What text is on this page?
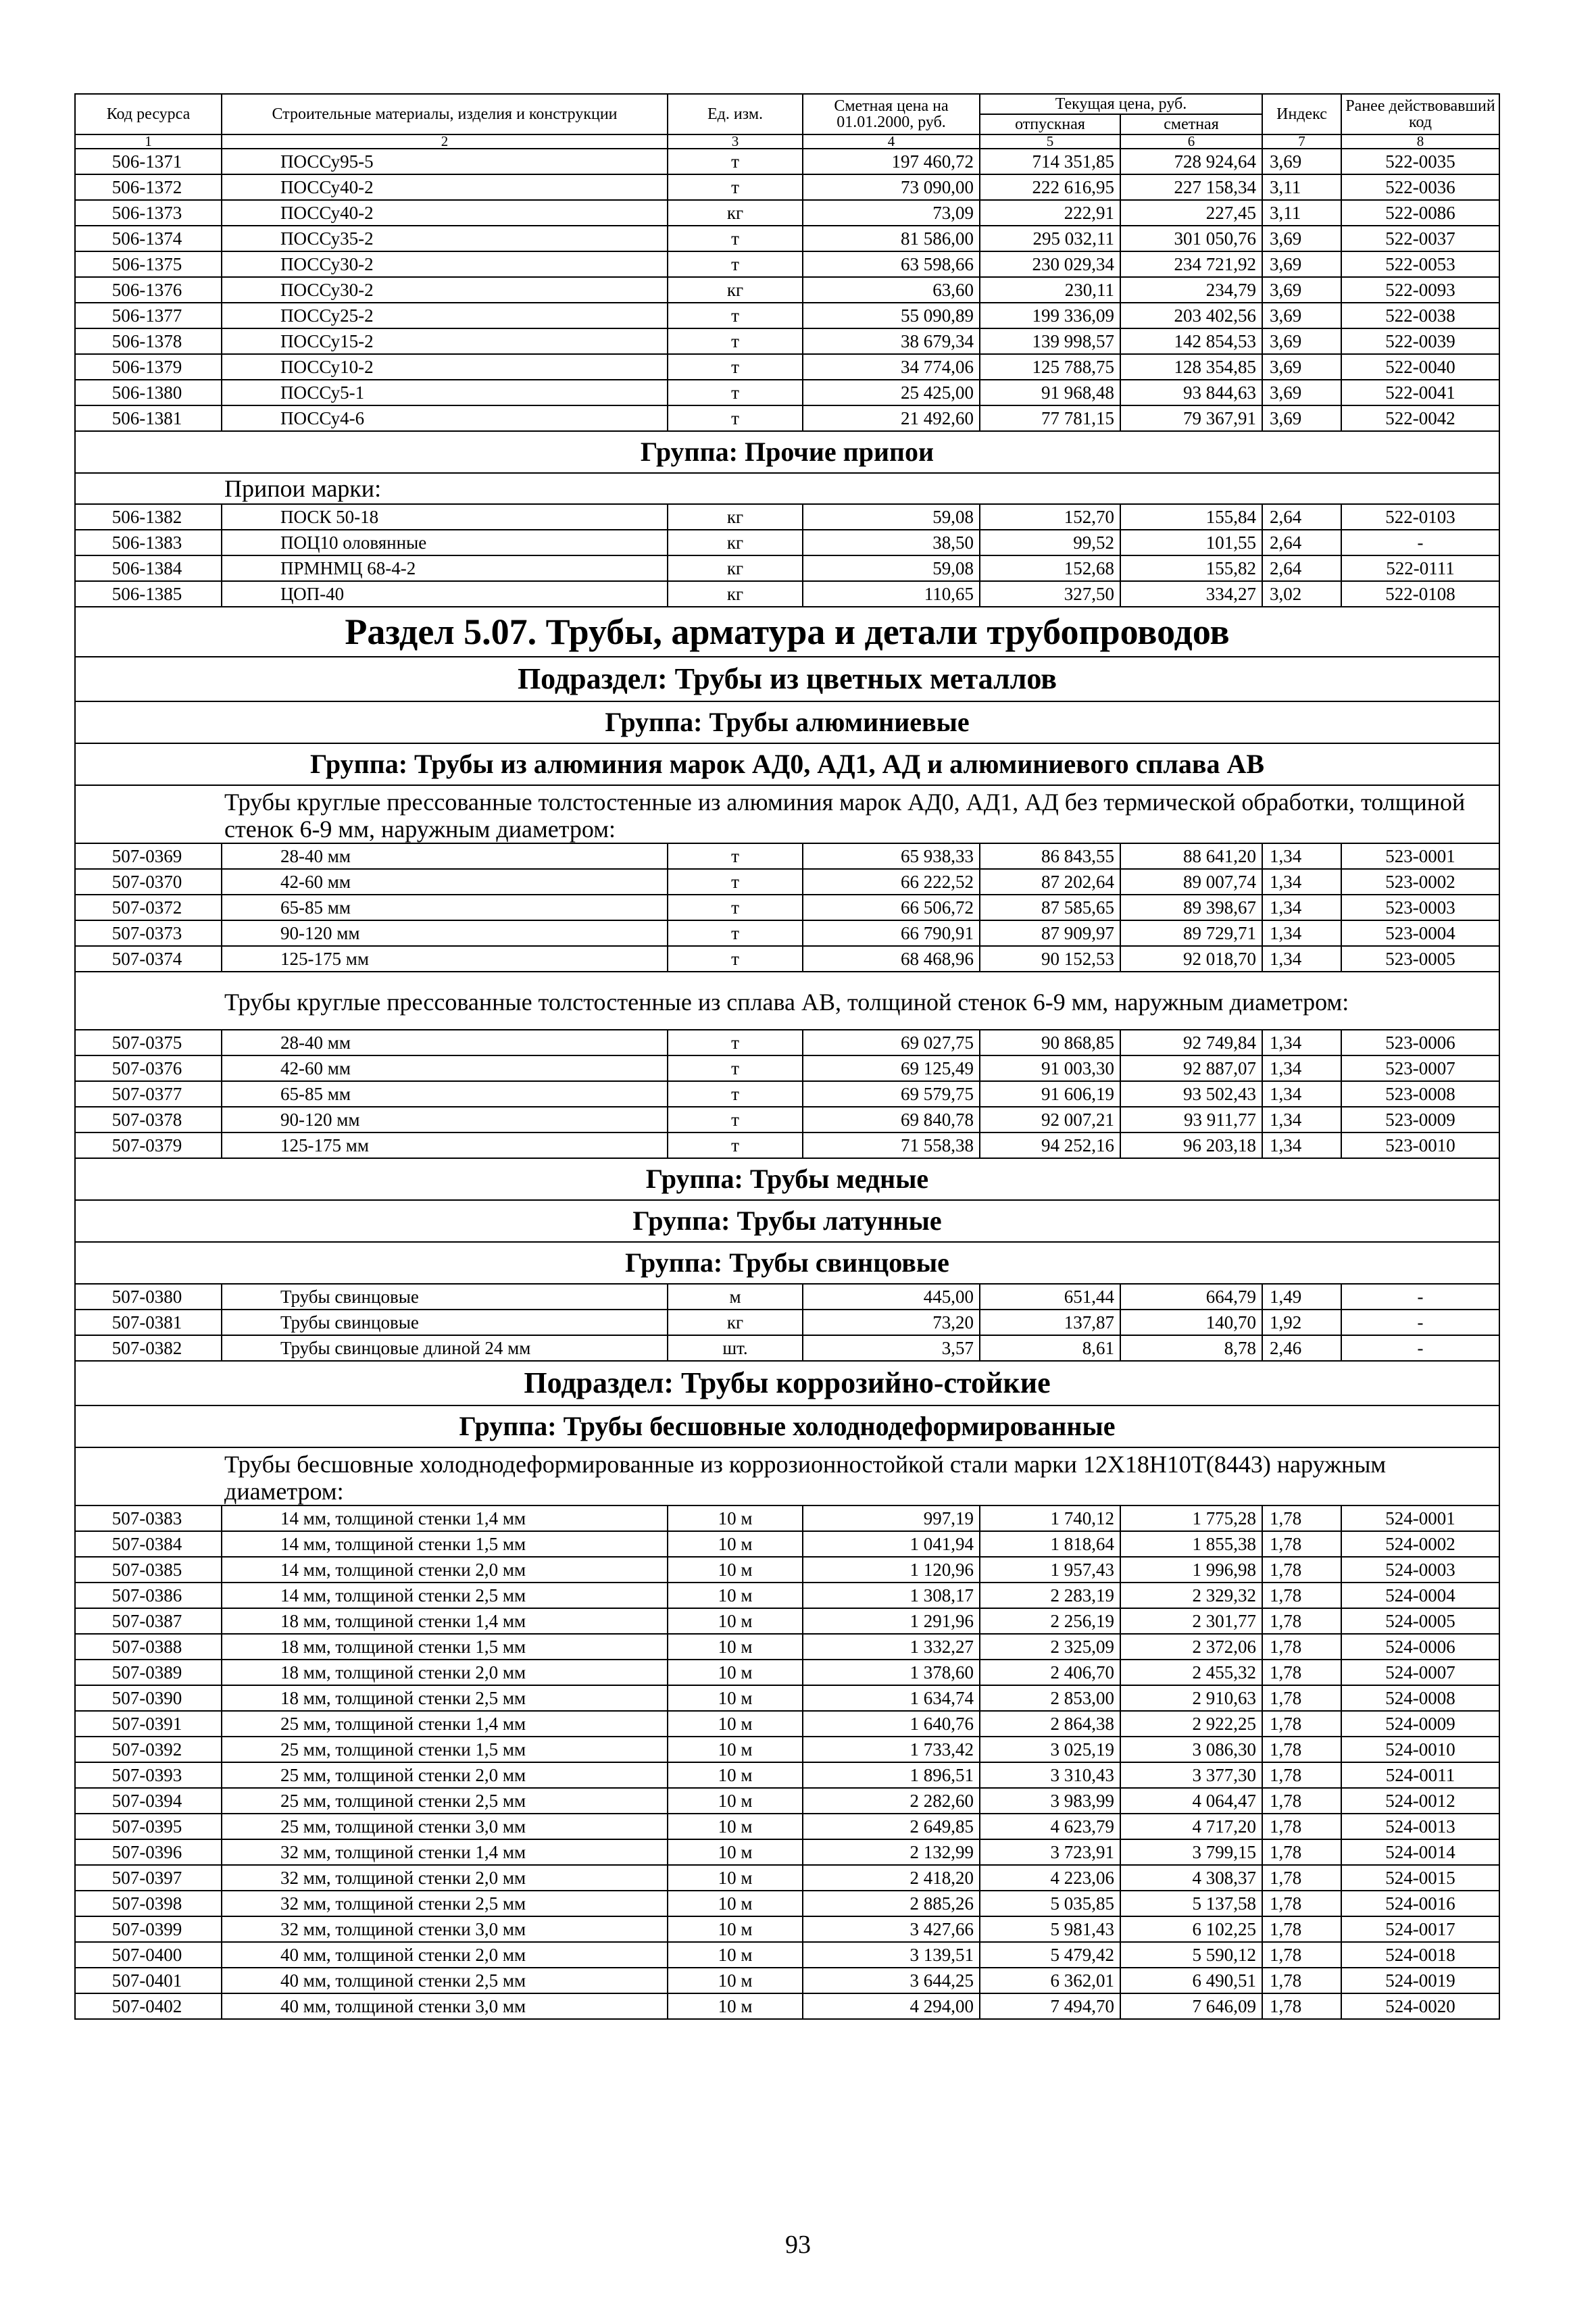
Код ресурса	Строительные материалы, изделия и конструкции	Ед. изм.	Сметная цена на 01.01.2000, руб.	Текущая цена, руб.		Индекс	Ранее действовавший код
				отпускная	сметная		
1	2	3	4	5	6	7	8
506-1371	ПОССу95-5	т	197 460,72	714 351,85	728 924,64	3,69	522-0035
506-1372	ПОССу40-2	т	73 090,00	222 616,95	227 158,34	3,11	522-0036
506-1373	ПОССу40-2	кг	73,09	222,91	227,45	3,11	522-0086
506-1374	ПОССу35-2	т	81 586,00	295 032,11	301 050,76	3,69	522-0037
506-1375	ПОССу30-2	т	63 598,66	230 029,34	234 721,92	3,69	522-0053
506-1376	ПОССу30-2	кг	63,60	230,11	234,79	3,69	522-0093
506-1377	ПОССу25-2	т	55 090,89	199 336,09	203 402,56	3,69	522-0038
506-1378	ПОССу15-2	т	38 679,34	139 998,57	142 854,53	3,69	522-0039
506-1379	ПОССу10-2	т	34 774,06	125 788,75	128 354,85	3,69	522-0040
506-1380	ПОССу5-1	т	25 425,00	91 968,48	93 844,63	3,69	522-0041
506-1381	ПОССу4-6	т	21 492,60	77 781,15	79 367,91	3,69	522-0042
Группа: Прочие припои							
Припои марки:							
506-1382	ПОСК 50-18	кг	59,08	152,70	155,84	2,64	522-0103
506-1383	ПОЦ10 оловянные	кг	38,50	99,52	101,55	2,64	-
506-1384	ПРМНМЦ 68-4-2	кг	59,08	152,68	155,82	2,64	522-0111
506-1385	ЦОП-40	кг	110,65	327,50	334,27	3,02	522-0108
Раздел 5.07. Трубы, арматура и детали трубопроводов							
Подраздел: Трубы из цветных металлов							
Группа: Трубы алюминиевые							
Группа: Трубы из алюминия марок АД0, АД1, АД и алюминиевого сплава АВ							
Трубы круглые прессованные толстостенные из алюминия марок АД0, АД1, АД без термической обработки, толщиной стенок 6-9 мм, наружным диаметром:							
507-0369	28-40 мм	т	65 938,33	86 843,55	88 641,20	1,34	523-0001
507-0370	42-60 мм	т	66 222,52	87 202,64	89 007,74	1,34	523-0002
507-0372	65-85 мм	т	66 506,72	87 585,65	89 398,67	1,34	523-0003
507-0373	90-120 мм	т	66 790,91	87 909,97	89 729,71	1,34	523-0004
507-0374	125-175 мм	т	68 468,96	90 152,53	92 018,70	1,34	523-0005
Трубы круглые прессованные толстостенные из сплава АВ, толщиной стенок 6-9 мм, наружным диаметром:							
507-0375	28-40 мм	т	69 027,75	90 868,85	92 749,84	1,34	523-0006
507-0376	42-60 мм	т	69 125,49	91 003,30	92 887,07	1,34	523-0007
507-0377	65-85 мм	т	69 579,75	91 606,19	93 502,43	1,34	523-0008
507-0378	90-120 мм	т	69 840,78	92 007,21	93 911,77	1,34	523-0009
507-0379	125-175 мм	т	71 558,38	94 252,16	96 203,18	1,34	523-0010
Группа: Трубы медные							
Группа: Трубы латунные							
Группа: Трубы свинцовые							
507-0380	Трубы свинцовые	м	445,00	651,44	664,79	1,49	-
507-0381	Трубы свинцовые	кг	73,20	137,87	140,70	1,92	-
507-0382	Трубы свинцовые длиной 24 мм	шт.	3,57	8,61	8,78	2,46	-
Подраздел: Трубы коррозийно-стойкие							
Группа: Трубы бесшовные холоднодеформированные							
Трубы бесшовные холоднодеформированные из коррозионностойкой стали марки 12Х18Н10Т(8443) наружным диаметром:							
507-0383	14 мм, толщиной стенки 1,4 мм	10 м	997,19	1 740,12	1 775,28	1,78	524-0001
507-0384	14 мм, толщиной стенки 1,5 мм	10 м	1 041,94	1 818,64	1 855,38	1,78	524-0002
507-0385	14 мм, толщиной стенки 2,0 мм	10 м	1 120,96	1 957,43	1 996,98	1,78	524-0003
507-0386	14 мм, толщиной стенки 2,5 мм	10 м	1 308,17	2 283,19	2 329,32	1,78	524-0004
507-0387	18 мм, толщиной стенки 1,4 мм	10 м	1 291,96	2 256,19	2 301,77	1,78	524-0005
507-0388	18 мм, толщиной стенки 1,5 мм	10 м	1 332,27	2 325,09	2 372,06	1,78	524-0006
507-0389	18 мм, толщиной стенки 2,0 мм	10 м	1 378,60	2 406,70	2 455,32	1,78	524-0007
507-0390	18 мм, толщиной стенки 2,5 мм	10 м	1 634,74	2 853,00	2 910,63	1,78	524-0008
507-0391	25 мм, толщиной стенки 1,4 мм	10 м	1 640,76	2 864,38	2 922,25	1,78	524-0009
507-0392	25 мм, толщиной стенки 1,5 мм	10 м	1 733,42	3 025,19	3 086,30	1,78	524-0010
507-0393	25 мм, толщиной стенки 2,0 мм	10 м	1 896,51	3 310,43	3 377,30	1,78	524-0011
507-0394	25 мм, толщиной стенки 2,5 мм	10 м	2 282,60	3 983,99	4 064,47	1,78	524-0012
507-0395	25 мм, толщиной стенки 3,0 мм	10 м	2 649,85	4 623,79	4 717,20	1,78	524-0013
507-0396	32 мм, толщиной стенки 1,4 мм	10 м	2 132,99	3 723,91	3 799,15	1,78	524-0014
507-0397	32 мм, толщиной стенки 2,0 мм	10 м	2 418,20	4 223,06	4 308,37	1,78	524-0015
507-0398	32 мм, толщиной стенки 2,5 мм	10 м	2 885,26	5 035,85	5 137,58	1,78	524-0016
507-0399	32 мм, толщиной стенки 3,0 мм	10 м	3 427,66	5 981,43	6 102,25	1,78	524-0017
507-0400	40 мм, толщиной стенки 2,0 мм	10 м	3 139,51	5 479,42	5 590,12	1,78	524-0018
507-0401	40 мм, толщиной стенки 2,5 мм	10 м	3 644,25	6 362,01	6 490,51	1,78	524-0019
507-0402	40 мм, толщиной стенки 3,0 мм	10 м	4 294,00	7 494,70	7 646,09	1,78	524-0020
93
